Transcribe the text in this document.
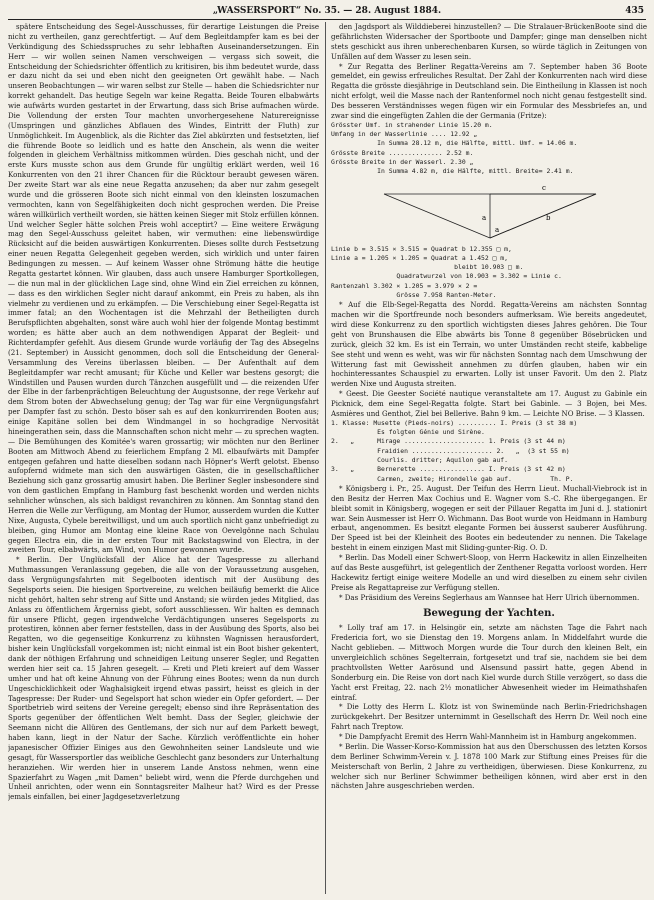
„WASSERSPORT“ No. 35. — 28. August 1884.	435

spätere Entscheidung des Segel-Ausschusses, für derartige Leistungen die Preise nicht zu vertheilen, ganz gerechtfertigt. — Auf dem Begleitdampfer kam es bei der Verkündigung des Schiedsspruches zu sehr lebhaften Auseinandersetzungen. Ein Herr — wir wollen seinen Namen verschweigen — vergass sich soweit, die Entscheidung der Schiedsrichter öffentlich zu kritisiren, bis ihm bedeutet wurde, dass er dazu nicht da sei und eben nicht den geeigneten Ort gewählt habe. — Nach unseren Beobachtungen — wir waren selbst zur Stelle — haben die Schiedsrichter nur korrekt gehandelt. Das heutige Segeln war keine Regatta. Beide Touren elbabwärts wie aufwärts wurden gestartet in der Erwartung, dass sich Brise aufmachen würde. Die Vollendung der ersten Tour machten unvorhergesehene Naturereignisse (Umspringen und gänzliches Abflauen des Windes, Eintritt der Fluth) zur Unmöglichkeit. Im Augenblick, als die Richter das Ziel abkürzten und festsetzten, lief die führende Boote so leidlich und es hatte den Anschein, als wenn die weiter folgenden in gleichem Verhältniss mitkommen würden. Dies geschah nicht, und der erste Kurs musste schon aus dem Grunde für ungültig erklärt werden, weil 16 Konkurrenten von den 21 ihrer Chancen für die Rücktour beraubt gewesen wären. Der zweite Start war als eine neue Regatta anzusehen; da aber nur zahm gesegelt wurde und die grösseren Boote sich nicht einmal von den kleinsten loszumachen vermochten, kann von Segelfähigkeiten doch nicht gesprochen werden. Die Preise wären willkürlich vertheilt worden, sie hätten keinen Sieger mit Stolz erfüllen können. Und welcher Segler hätte solchen Preis wohl acceptirt? — Eine weitere Erwägung mag den Segel-Ausschuss geleitet haben, wir vermuthen: eine liebenswürdige Rücksicht auf die beiden auswärtigen Konkurrenten. Dieses sollte durch Festsetzung einer neuen Regatta Gelegenheit gegeben werden, sich wirklich und unter fairen Bedingungen zu messen. — Auf keinem Wasser ohne Strömung hätte die heutige Regatta gestartet können. Wir glauben, dass auch unsere Hamburger Sportkollegen, — die nun mal in der glücklichen Lage sind, ohne Wind ein Ziel erreichen zu können, — dass es den wirklichen Segler nicht darauf ankommt, ein Preis zu haben, als ihn vielmehr zu verdienen und zu erkämpfen. — Die Verschiebung einer Segel-Regatta ist immer fatal; an den Wochentagen ist die Mehrzahl der Betheiligten durch Berufspflichten abgehalten, sonst wäre auch wohl hier der folgende Montag bestimmt worden; es hätte aber auch an dem nothwendigen Apparat der Begleit- und Richterdampfer gefehlt. Aus diesem Grunde wurde vorläufig der Tag des Absegelns (21. September) in Aussicht genommen, doch soll die Entscheidung der General-Versammlung des Vereins überlassen bleiben. — Der Aufenthalt auf dem Begleitdampfer war recht amusant; für Küche und Keller war bestens gesorgt; die Windstillen und Pausen wurden durch Tänzchen ausgefüllt und — die reizenden Ufer der Elbe in der farbenprächtigen Beleuchtung der Augustsonne, der rege Verkehr auf dem Strom boten der Abwechselung genug; der Tag war für eine Vergnügungsfahrt per Dampfer fast zu schön. Desto böser sah es auf den konkurrirenden Booten aus; einige Kapitäne sollen bei dem Windmangel in so hochgradige Nervosität hineingerathen sein, dass die Mannschaften schon nicht mehr — zu sprechen wagten. — Die Bemühungen des Komitée's waren grossartig; wir möchten nur den Berliner Booten am Mittwoch Abend zu feierlichem Empfang 2 Ml. elbaufwärts mit Dampfer entgegen gefahren und hatte dieselben sodann nach Höpner's Werft gelotst. Ebenso aufopfernd widmete man sich den auswärtigen Gästen, die in gesellschaftlicher Beziehung sich ganz grossartig amusirt haben. Die Berliner Segler insbesondere sind von dem gastlichen Empfang in Hamburg fast beschenkt worden und werden nichts sehnlicher wünschen, als sich baldigst revanchiren zu können. Am Sonntag stand den Herren die Welle zur Verfügung, am Montag der Humor, ausserdem wurden die Kutter Nixe, Augusta, Cybele bereitwilligst, und um auch sportlich nicht ganz unbefriedigt zu bleiben, ging Humor am Montag eine kleine Race von Oevelgönne nach Schulau gegen Electra ein, die in der ersten Tour mit Backstagswind von Electra, in der zweiten Tour, elbabwärts, am Wind, von Humor gewonnen wurde.

* Berlin. Der Unglücksfall der Alice hat der Tagespresse zu allerhand Muthmassungen Veranlassung gegeben, die alle von der Voraussetzung ausgehen, dass Vergnügungsfahrten mit Segelbooten identisch mit der Ausübung des Segelsports seien. Die hiesigen Sportvereine, zu welchen beiläufig bemerkt die Alice nicht gehört, halten sehr streng auf Sitte und Anstand; sie würden jedes Mitglied, das Anlass zu öffentlichem Ärgerniss giebt, sofort ausschliessen. Wir halten es demnach für unsere Pflicht, gegen irgendwelche Verdächtigungen unseres Segelsports zu protestiren, können aber ferner feststellen, dass in der Ausübung des Sports, also bei Regatten, wo die gegenseitige Konkurrenz zu kühnsten Wagnissen herausfordert, bisher kein Unglücksfall vorgekommen ist; nicht einmal ist ein Boot bisher gekentert, dank der nöthigen Erfahrung und schneidigen Leitung unserer Segler, und Regatten werden hier seit ca. 15 Jahren gesegelt. — Kreti und Pleti kreiert auf dem Wasser umher und hat oft keine Ahnung von der Führung eines Bootes; wenn da nun durch Ungeschicklichkeit oder Waghalsigkeit irgend etwas passirt, heisst es gleich in der Tagespresse: Der Ruder- und Segelsport hat schon wieder ein Opfer gefordert. — Der Sportbetrieb wird seitens der Vereine geregelt; ebenso sind ihre Repräsentation des Sports gegenüber der öffentlichen Welt bemht. Dass der Segler, gleichwie der Seemann nicht die Allüren des Gentlemans, der sich nur auf dem Parkett bewegt, haben kann, liegt in der Natur der Sache. Kürzlich veröffentlichte ein hoher japanesischer Offizier Einiges aus den Gewohnheiten seiner Landsleute und wie gesagt, für Wassersportler das weibliche Geschlecht ganz besonders zur Unterhaltung heranziehen. Wir werden hier in unserem Lande Anstoss nehmen, wenn eine Spazierfahrt zu Wagen „mit Damen“ beliebt wird, wenn die Pferde durchgehen und Unheil anrichten, oder wenn ein Sonntagsreiter Malheur hat? Wird es der Presse jemals einfallen, bei einer Jagdgesetzverletzung

den Jagdsport als Wilddieberei hinzustellen? — Die Stralauer-BrückenBoote sind die gefährlichsten Widersacher der Sportboote und Dampfer; ginge man denselben nicht stets geschickt aus ihren unberechenbaren Kursen, so würde täglich in Zeitungen von Unfällen auf dem Wasser zu lesen sein.

* Zur Regatta des Berliner Regatta-Vereins am 7. September haben 36 Boote gemeldet, ein gewiss erfreuliches Resultat. Der Zahl der Konkurrenten nach wird diese Regatta die grösste diesjährige in Deutschland sein. Die Eintheilung in Klassen ist noch nicht erfolgt, weil die Masse nach der Rantenformel noch nicht genau festgestellt sind. Des besseren Verständnisses wegen fügen wir ein Formular des Messbriefes an, und zwar sind die eingefügten Zahlen die der Germania (Fritze):

Grösster Umf. in strahender Linie 15.20 m.
Umfang in der Wasserlinie .... 12.92 „
In Summa 28.12 m, die Hälfte, mittl. Umf. = 14.06 m.
Grösste Breite .............. 2.52 m.
Grösste Breite in der Wasserl. 2.30 „
In Summa 4.82 m, die Hälfte, mittl. Breite= 2.41 m.
c
b
a
a
Linie b = 3.515 × 3.515 = Quadrat b 12.355 □ m,
Linie a = 1.205 × 1.205 = Quadrat a 1.452 □ m,
bleibt 10.903 □ m.
Quadratwurzel von 10.903 = 3.302 = Linie c.
Rantenzahl 3.302 × 1.205 = 3.979 × 2 =
Grösse 7.958 Ranten-Meter.

* Auf die Elb-Segel-Regatta des Nordd. Regatta-Vereins am nächsten Sonntag machen wir die Sportfreunde noch besonders aufmerksam. Wie bereits angedeutet, wird diese Konkurrenz zu den sportlich wichtigsten dieses Jahres gehören. Die Tour geht von Brunshausen die Elbe abwärts bis Tonne 8 gegenüber Bösebrücken und zurück, gleich 32 km. Es ist ein Terrain, wo unter Umständen recht steife, kabbelige See steht und wenn es weht, was wir für nächsten Sonntag nach dem Umschwung der Witterung fast mit Gewissheit annehmen zu dürfen glauben, haben wir ein hochinteressantes Schauspiel zu erwarten. Lolly ist unser Favorit. Um den 2. Platz werden Nixe und Augusta streiten.

* Geest. Die Geester Société nautique veranstaltete am 17. August zu Gabinle ein Picknick, dem eine Segel-Regatta folgte. Start bei Gabinle. — 3 Bojen, bei Mes. Asmières und Genthot, Ziel bei Bellerive. Bahn 9 km. — Leichte NO Brise. — 3 Klassen.

1. Klasse: Musette (Pieds-noirs) .......... I. Preis (3 st 38 m)
Es folgten Génie und Sirène.
2.   „      Mirage ..................... 1. Preis (3 st 44 m)
Fraidien ..................... 2.   „  (3 st 55 m)
Courlis. dritter; Aquilon gab auf.
3.   „      Bernerette ................. I. Preis (3 st 42 m)
Carmen, zweite; Hirondelle gab auf.          Th. P.

* Königsberg i. Pr., 25. August. Der Teifun des Herrn Lieut. Muchall-Viebrock ist in den Besitz der Herren Max Cochius und E. Wagner vom S.-C. Rhe übergegangen. Er bleibt somit in Königsberg, wogegen er seit der Pillauer Regatta im Juni d. J. stationirt war. Sein Ausmesser ist Herr O. Wichmann. Das Boot wurde von Heidmann in Hamburg erbaut, angenommen. Es besitzt elegante Formen bei äusserst sauberer Ausführung. Der Speed ist bei der Kleinheit des Bootes ein bedeutender zu nennen. Die Takelage besteht in einem einzigen Mast mit Sliding-gunter-Rig. O. D.

* Berlin. Das Modell einer Schwert-Sloop, von Herrn Hackewitz in allen Einzelheiten auf das Beste ausgeführt, ist gelegentlich der Zenthener Regatta vorloost worden. Herr Hackewitz fertigt einige weitere Modelle an und wird dieselben zu einem sehr civilen Preise als Regattapreise zur Verfügung stellen.

* Das Präsidium des Vereins Seglerhaus am Wannsee hat Herr Ulrich übernommen.

Bewegung der Yachten.

* Lolly traf am 17. in Helsingör ein, setzte am nächsten Tage die Fahrt nach Fredericia fort, wo sie Dienstag den 19. Morgens anlam. In Middelfahrt wurde die Nacht geblieben. — Mittwoch Morgen wurde die Tour durch den kleinen Belt, ein unvergleichlich schönes Segelterrain, fortgesetzt und traf sie, nachdem sie bei dem prachtvollsten Wetter Aarösund und Alsensund passirt hatte, gegen Abend in Sonderburg ein. Die Reise von dort nach Kiel wurde durch Stille verzögert, so dass die Yacht erst Freitag, 22. nach 2½ monatlicher Abwesenheit wieder im Heimathshafen eintraf.

* Die Lotty des Herrn L. Klotz ist von Swinemünde nach Berlin-Friedrichshagen zurückgekehrt. Der Besitzer unternimmt in Gesellschaft des Herrn Dr. Weil noch eine Fahrt nach Treptow.

* Die Dampfyacht Eremit des Herrn Wahl-Mannheim ist in Hamburg angekommen.

* Berlin. Die Wasser-Korso-Kommission hat aus den Überschussen des letzten Korsos dem Berliner Schwimm-Verein v. J. 1878 100 Mark zur Stiftung eines Preises für die Meisterschaft von Berlin, 2 Jahre zu vertheidigen, überwiesen. Diese Konkurrenz, zu welcher sich nur Berliner Schwimmer betheiligen können, wird aber erst in den nächsten Jahre ausgeschrieben werden.
